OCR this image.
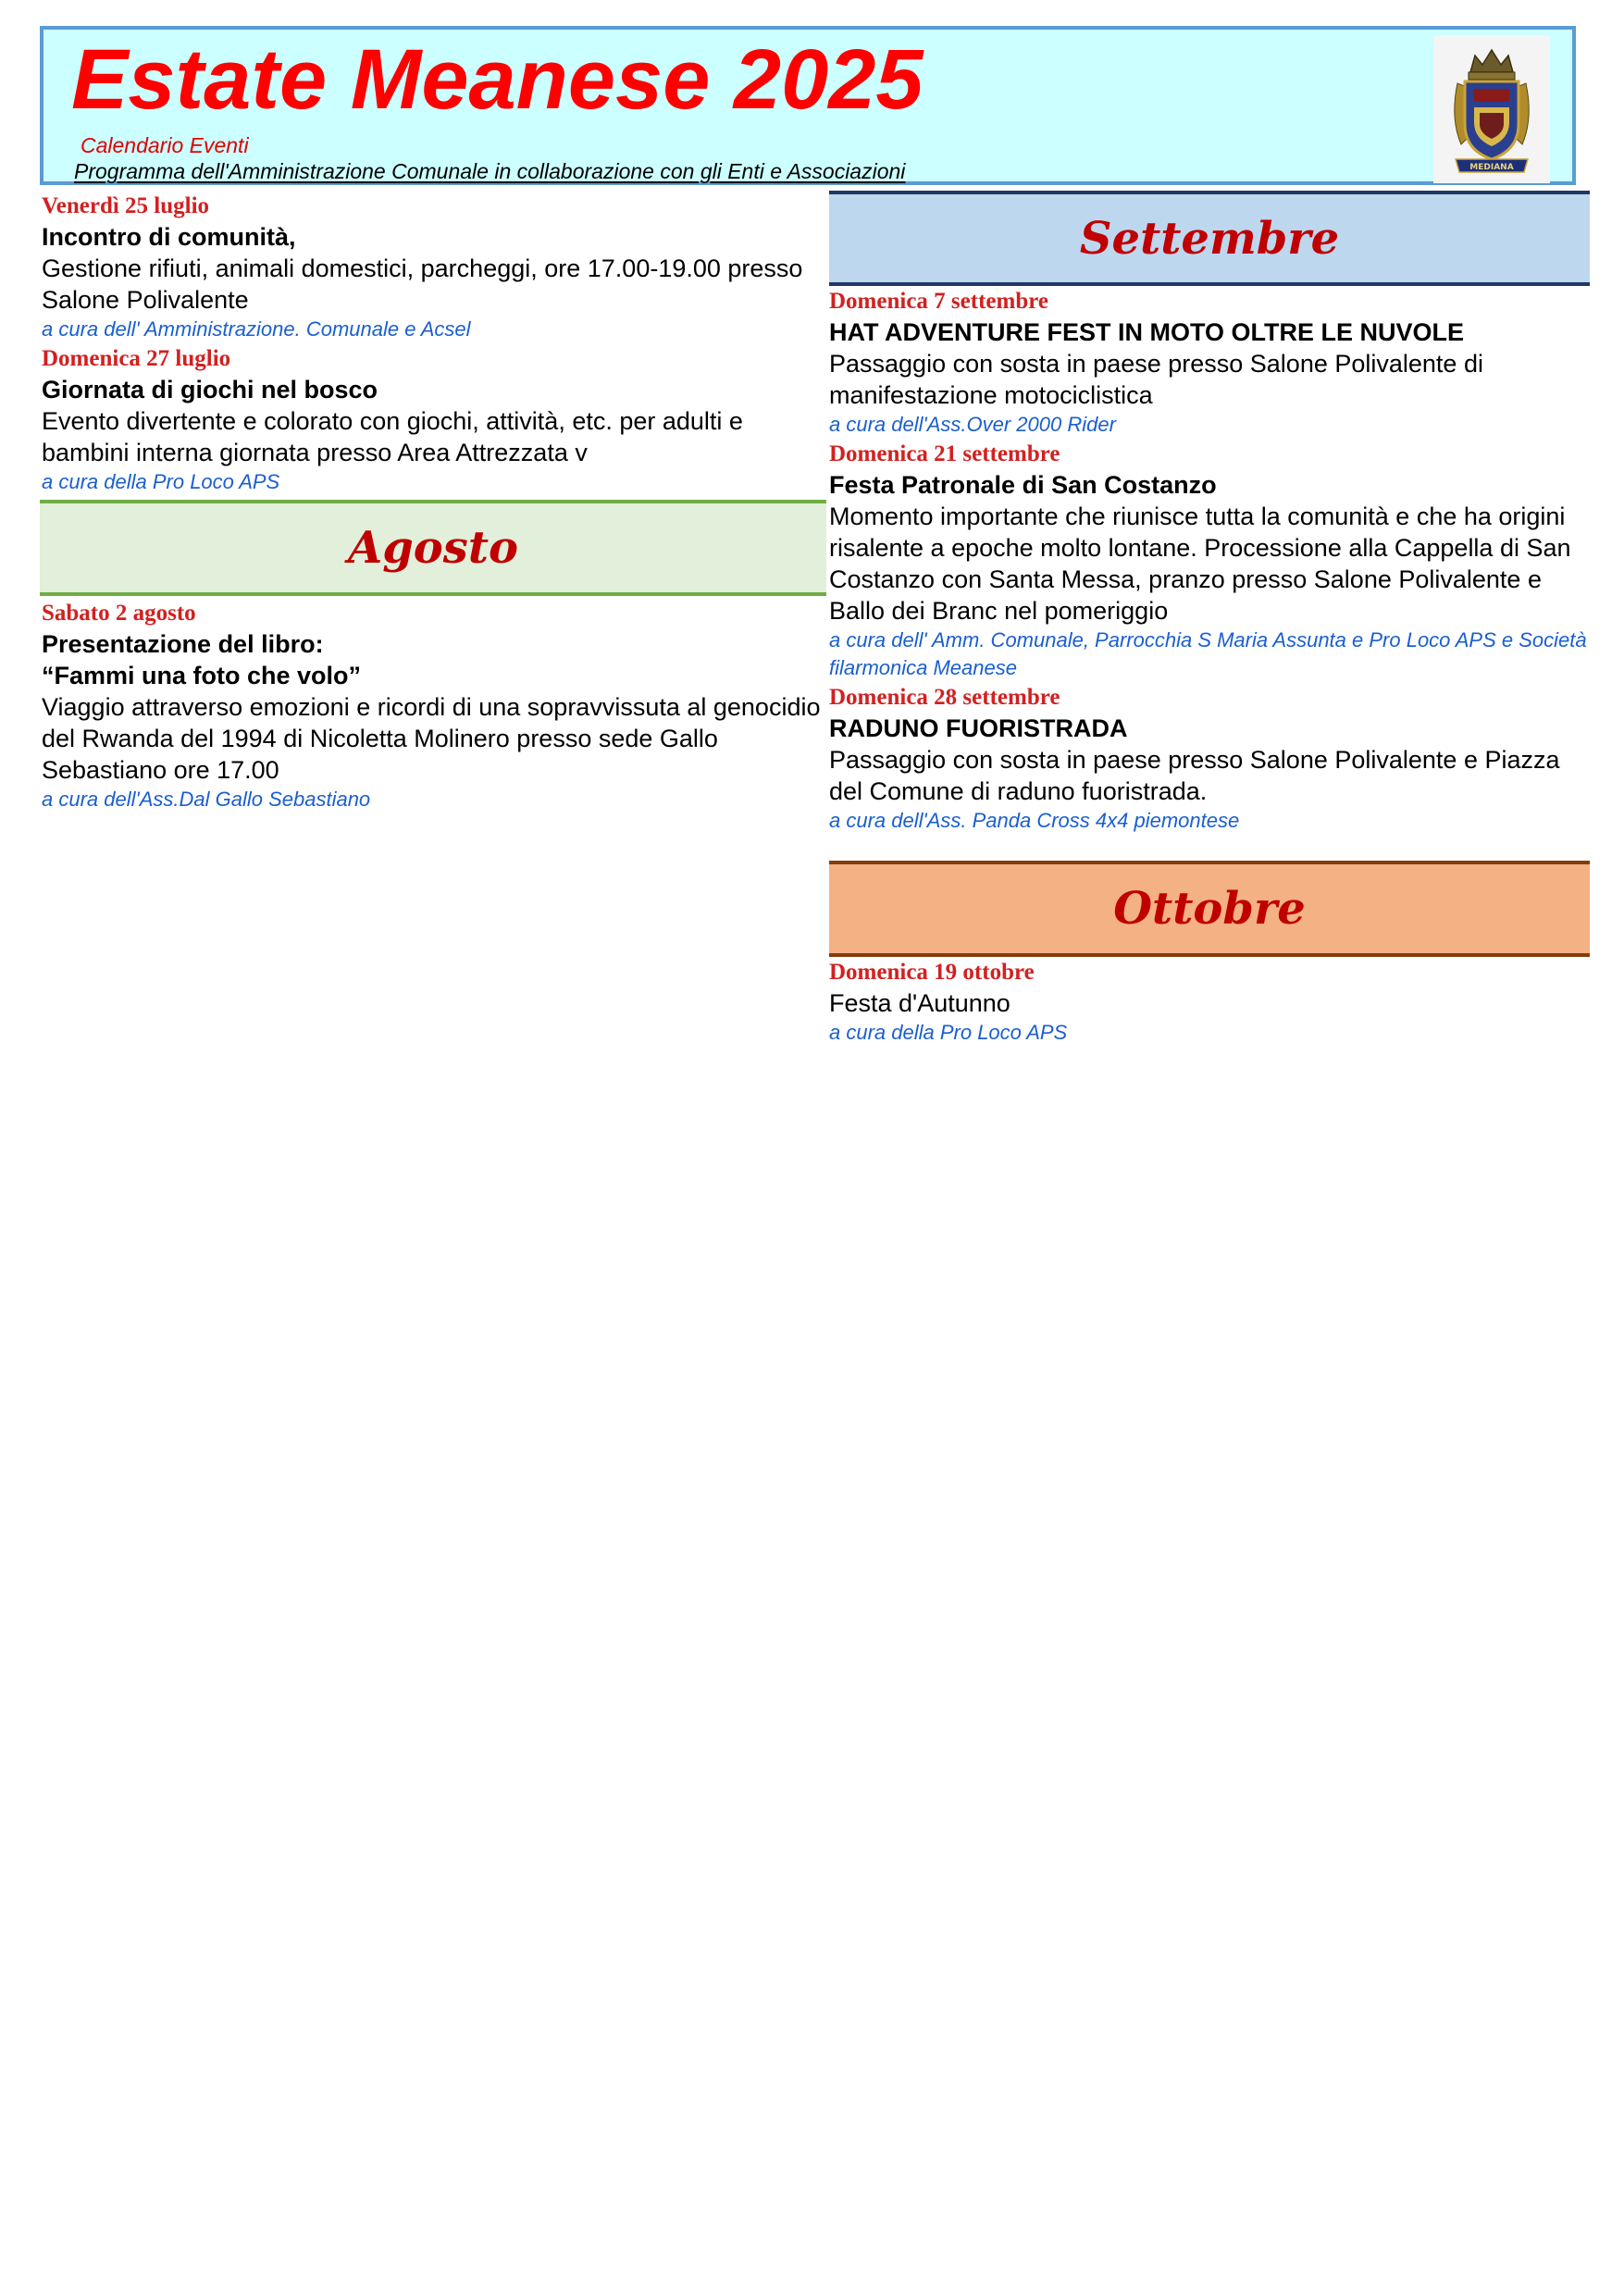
Estate Meanese 2025
Calendario Eventi
Programma dell'Amministrazione Comunale in collaborazione con gli Enti e Associazioni	MEDIANA
Venerdì 25 luglio
Incontro di comunità,
Gestione rifiuti, animali domestici, parcheggi, ore 17.00-19.00 presso Salone Polivalente
a cura dell' Amministrazione. Comunale e Acsel
Domenica 27 luglio
Giornata di giochi nel bosco
Evento divertente e colorato con giochi, attività, etc. per adulti e bambini interna giornata presso Area Attrezzata v
a cura della Pro Loco APS
Agosto
Sabato 2 agosto
Presentazione del libro:
“Fammi una foto che volo”
Viaggio attraverso emozioni e ricordi di una sopravvissuta al genocidio del Rwanda del 1994 di Nicoletta Molinero presso sede Gallo Sebastiano ore 17.00
a cura dell'Ass.Dal Gallo Sebastiano
Settembre
Domenica 7 settembre
HAT ADVENTURE FEST IN MOTO OLTRE LE NUVOLE
Passaggio con sosta in paese presso Salone Polivalente di manifestazione motociclistica
a cura dell'Ass.Over 2000 Rider
Domenica 21 settembre
Festa Patronale di San Costanzo
Momento importante che riunisce tutta la comunità e che ha origini risalente a epoche molto lontane. Processione alla Cappella di San Costanzo con Santa Messa, pranzo presso Salone Polivalente e Ballo dei Branc nel pomeriggio
a cura dell' Amm. Comunale, Parrocchia S Maria Assunta e Pro Loco APS e Società filarmonica Meanese
Domenica 28 settembre
RADUNO FUORISTRADA
Passaggio con sosta in paese presso Salone Polivalente e Piazza del Comune di raduno fuoristrada.
a cura dell'Ass. Panda Cross 4x4 piemontese
Ottobre
Domenica 19 ottobre
Festa d'Autunno
a cura della Pro Loco APS
